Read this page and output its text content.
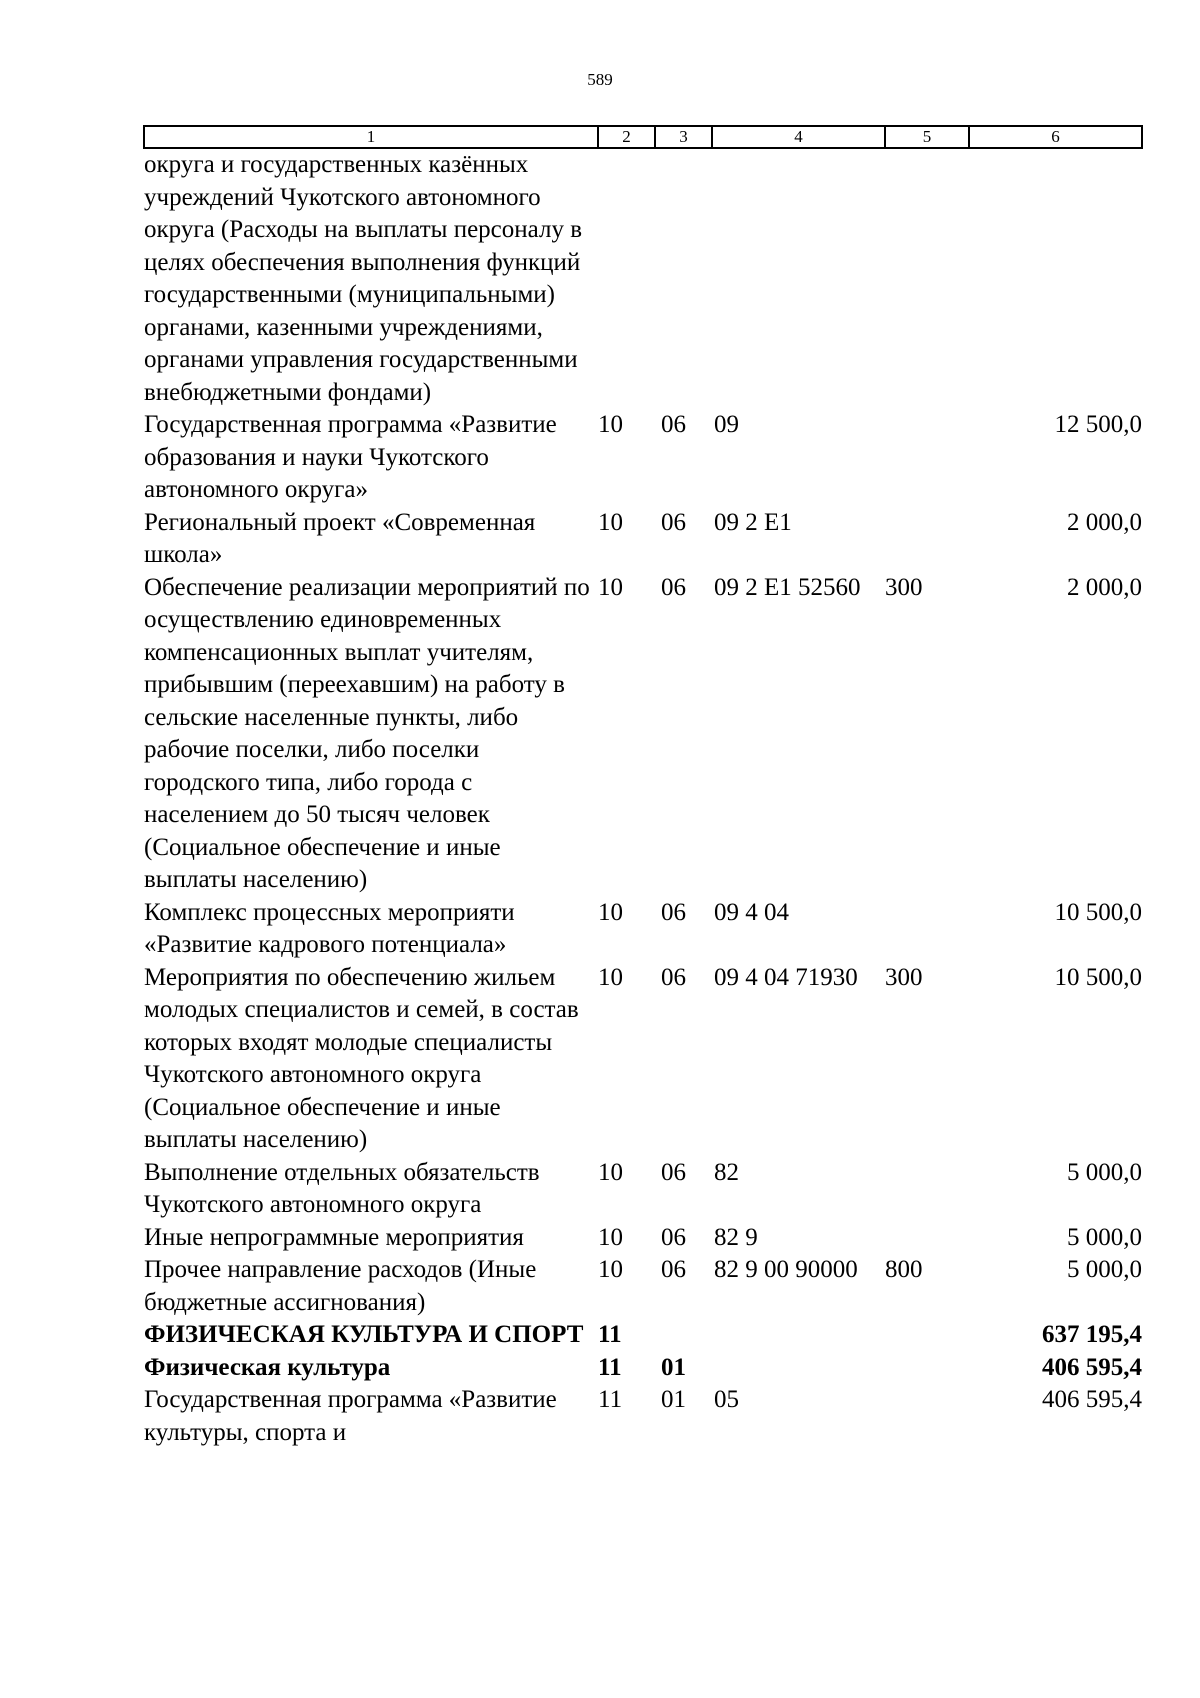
589
1	2	3	4	5	6
округа и государственных казённых учреждений Чукотского автономного округа (Расходы на выплаты персоналу в целях обеспечения выполнения функций государственными (муниципальными) органами, казенными учреждениями, органами управления государственными внебюджетными фондами)					
Государственная программа «Развитие образования и науки Чукотского автономного округа»	10	06	09		12 500,0
Региональный проект «Современная школа»	10	06	09 2 Е1		2 000,0
Обеспечение реализации мероприятий по осуществлению единовременных компенсационных выплат учителям, прибывшим (переехавшим) на работу в сельские населенные пункты, либо рабочие поселки, либо поселки городского типа, либо города с населением до 50 тысяч человек (Социальное обеспечение и иные выплаты населению)	10	06	09 2 Е1 52560	300	2 000,0
Комплекс процессных мероприяти «Развитие кадрового потенциала»	10	06	09 4 04		10 500,0
Мероприятия по обеспечению жильем молодых специалистов и семей, в состав которых входят молодые специалисты Чукотского автономного округа (Социальное обеспечение и иные выплаты населению)	10	06	09 4 04 71930	300	10 500,0
Выполнение отдельных обязательств Чукотского автономного округа	10	06	82		5 000,0
Иные непрограммные мероприятия	10	06	82 9		5 000,0
Прочее направление расходов (Иные бюджетные ассигнования)	10	06	82 9 00 90000	800	5 000,0
ФИЗИЧЕСКАЯ КУЛЬТУРА И СПОРТ	11				637 195,4
Физическая культура	11	01			406 595,4
Государственная программа «Развитие культуры, спорта и	11	01	05		406 595,4
